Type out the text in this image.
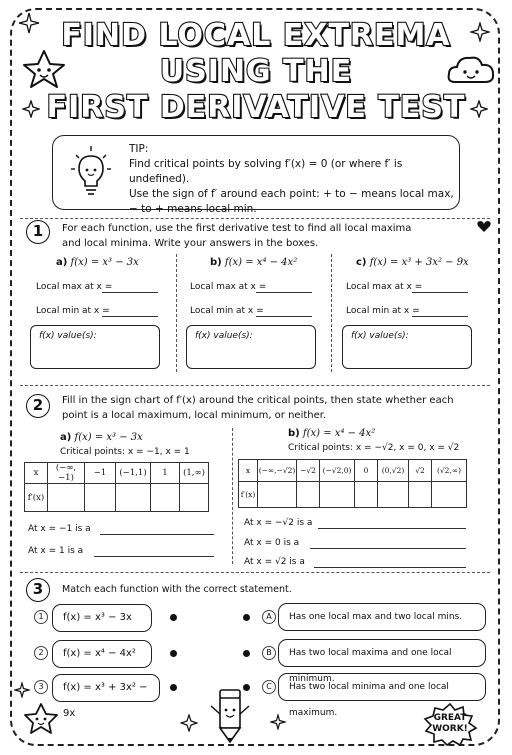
FIND LOCAL EXTREMA
USING THE
FIRST DERIVATIVE TEST
TIP:
Find critical points by solving f′(x) = 0 (or where f′ is undefined).
Use the sign of f′ around each point: + to − means local max,
− to + means local min.
1	For each function, use the first derivative test to find all local maxima
and local minima. Write your answers in the boxes.
a) f(x) = x³ − 3x
Local max at x =
Local min at x =
f(x) value(s):
b) f(x) = x⁴ − 4x²
Local max at x =
Local min at x =
f(x) value(s):
c) f(x) = x³ + 3x² − 9x
Local max at x =
Local min at x =
f(x) value(s):
2	Fill in the sign chart of f′(x) around the critical points, then state whether each
point is a local maximum, local minimum, or neither.
a) f(x) = x³ − 3x
Critical points: x = −1, x = 1
x	(−∞,−1)	−1	(−1,1)	1	(1,∞)
f′(x)					
At x = −1 is a
At x = 1 is a
b) f(x) = x⁴ − 4x²
Critical points: x = −√2, x = 0, x = √2
x	(−∞,−√2)	−√2	(−√2,0)	0	(0,√2)	√2	(√2,∞)
f′(x)							
At x = −√2 is a
At x = 0 is a
At x = √2 is a
3	Match each function with the correct statement.
1	f(x) = x³ − 3x
2	f(x) = x⁴ − 4x²
3	f(x) = x³ + 3x² − 9x
A	Has one local max and two local mins.
B	Has two local maxima and one local minimum.
C	Has two local minima and one local maximum.	GREAT
WORK!
